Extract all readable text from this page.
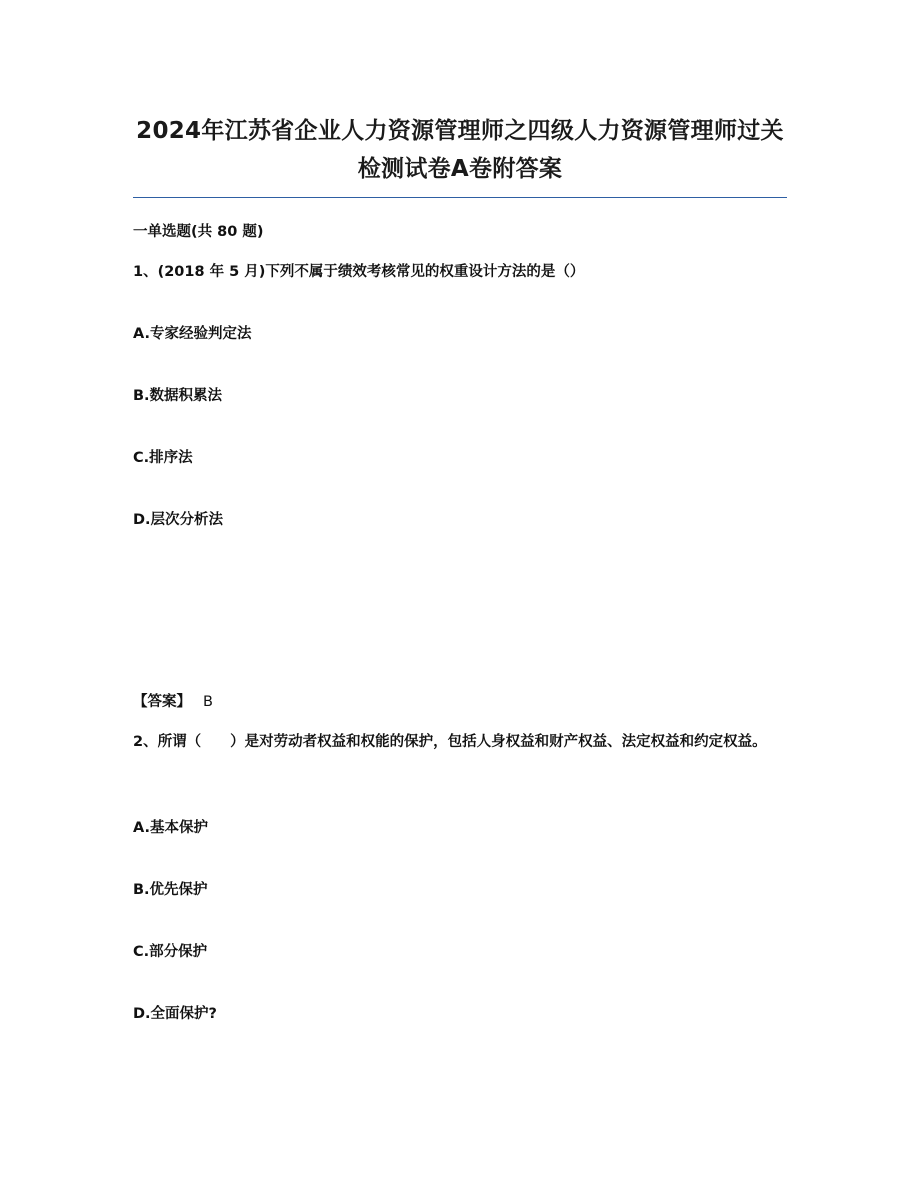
2024年江苏省企业人力资源管理师之四级人力资源管理师过关检测试卷A卷附答案
一单选题(共 80 题)
1、(2018 年 5 月)下列不属于绩效考核常见的权重设计方法的是（）
A.专家经验判定法
B.数据积累法
C.排序法
D.层次分析法
【答案】 B
2、所谓（　　）是对劳动者权益和权能的保护，包括人身权益和财产权益、法定权益和约定权益。
A.基本保护
B.优先保护
C.部分保护
D.全面保护?
